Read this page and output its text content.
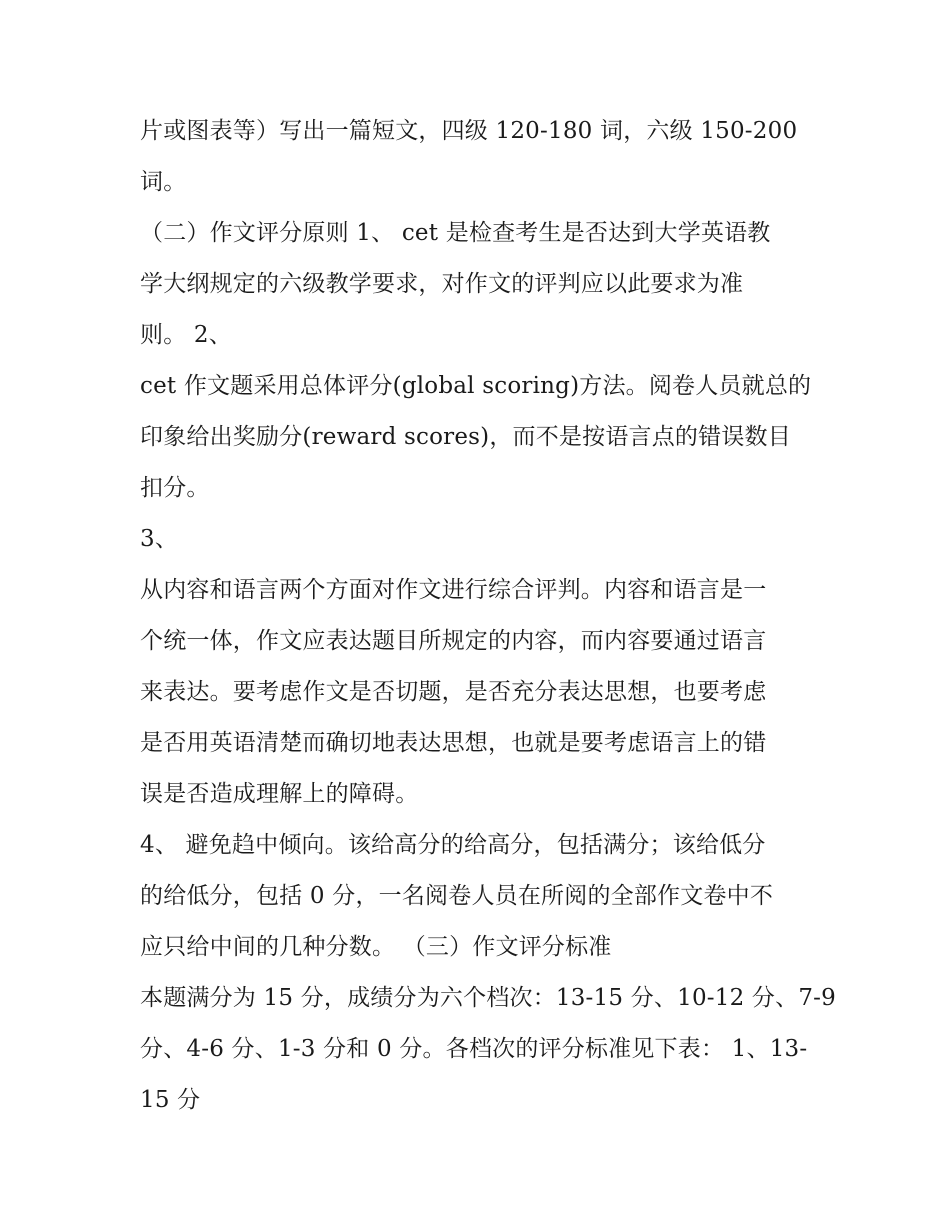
片或图表等）写出一篇短文，四级 120-180 词，六级 150-200
词。
（二）作文评分原则 1、 cet 是检查考生是否达到大学英语教
学大纲规定的六级教学要求，对作文的评判应以此要求为准
则。 2、
cet 作文题采用总体评分(global scoring)方法。阅卷人员就总的
印象给出奖励分(reward scores)，而不是按语言点的错误数目
扣分。
3、
从内容和语言两个方面对作文进行综合评判。内容和语言是一
个统一体，作文应表达题目所规定的内容，而内容要通过语言
来表达。要考虑作文是否切题，是否充分表达思想，也要考虑
是否用英语清楚而确切地表达思想，也就是要考虑语言上的错
误是否造成理解上的障碍。
4、 避免趋中倾向。该给高分的给高分，包括满分；该给低分
的给低分，包括 0 分，一名阅卷人员在所阅的全部作文卷中不
应只给中间的几种分数。 （三）作文评分标准
本题满分为 15 分，成绩分为六个档次：13-15 分、10-12 分、7-9
分、4-6 分、1-3 分和 0 分。各档次的评分标准见下表： 1、13-
15 分
